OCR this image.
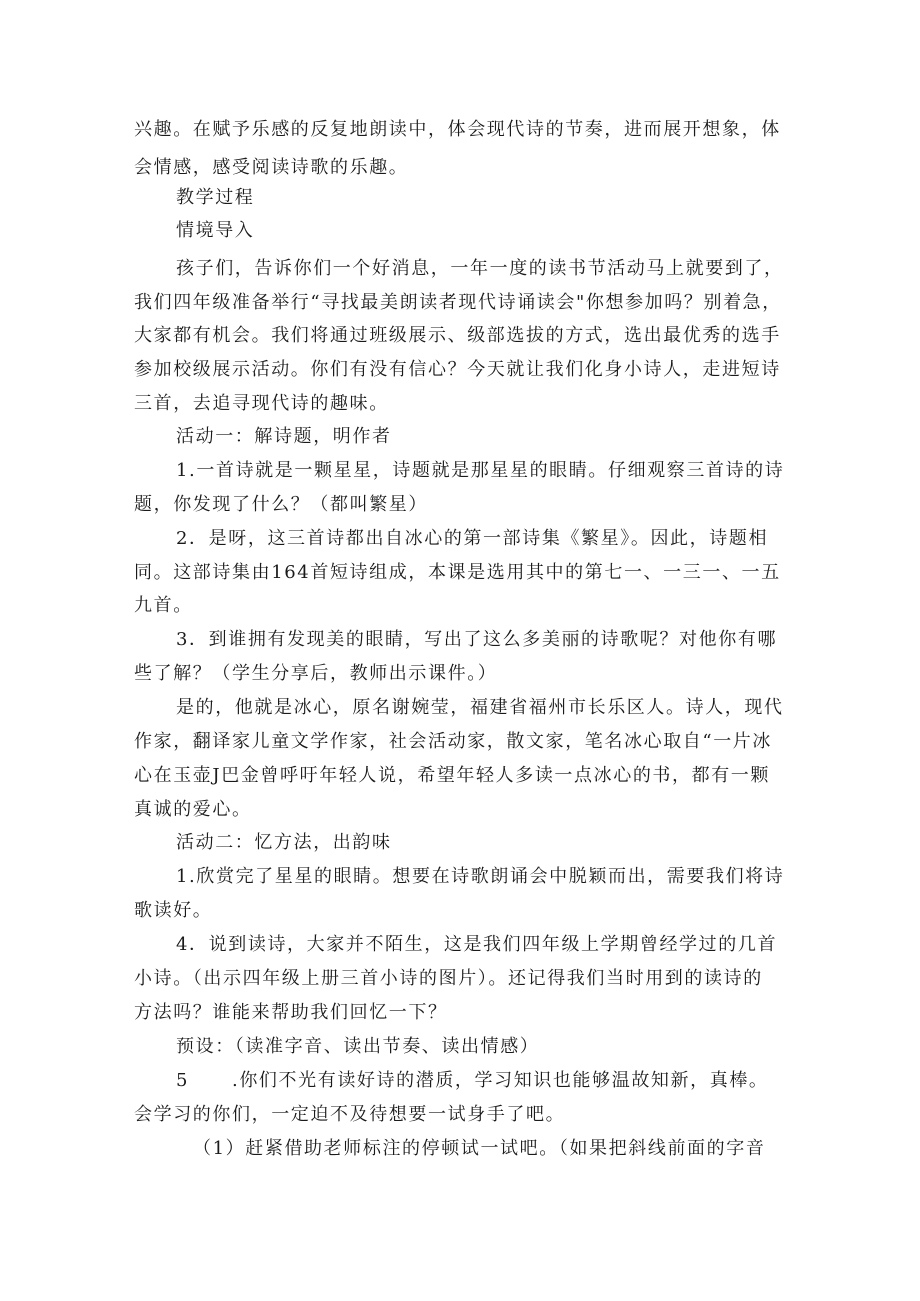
兴趣。在赋予乐感的反复地朗读中，体会现代诗的节奏，进而展开想象，体

会情感，感受阅读诗歌的乐趣。

教学过程

情境导入

孩子们，告诉你们一个好消息，一年一度的读书节活动马上就要到了，

我们四年级准备举行“寻找最美朗读者现代诗诵读会"你想参加吗？别着急，

大家都有机会。我们将通过班级展示、级部选拔的方式，选出最优秀的选手

参加校级展示活动。你们有没有信心？今天就让我们化身小诗人，走进短诗

三首，去追寻现代诗的趣味。

活动一：解诗题，明作者

1.一首诗就是一颗星星，诗题就是那星星的眼睛。仔细观察三首诗的诗

题，你发现了什么？（都叫繁星）

2．是呀，这三首诗都出自冰心的第一部诗集《繁星》。因此，诗题相

同。这部诗集由164首短诗组成，本课是选用其中的第七一、一三一、一五

九首。

3．到谁拥有发现美的眼睛，写出了这么多美丽的诗歌呢？对他你有哪

些了解？（学生分享后，教师出示课件。）

是的，他就是冰心，原名谢婉莹，福建省福州市长乐区人。诗人，现代

作家，翻译家儿童文学作家，社会活动家，散文家，笔名冰心取自“一片冰

心在玉壶J巴金曾呼吁年轻人说，希望年轻人多读一点冰心的书，都有一颗

真诚的爱心。

活动二：忆方法，出韵味

1.欣赏完了星星的眼睛。想要在诗歌朗诵会中脱颖而出，需要我们将诗

歌读好。

4．说到读诗，大家并不陌生，这是我们四年级上学期曾经学过的几首

小诗。（出示四年级上册三首小诗的图片）。还记得我们当时用到的读诗的

方法吗？谁能来帮助我们回忆一下？

预设：（读准字音、读出节奏、读出情感）

5 .你们不光有读好诗的潜质，学习知识也能够温故知新，真棒。

会学习的你们，一定迫不及待想要一试身手了吧。

（1）赶紧借助老师标注的停顿试一试吧。（如果把斜线前面的字音
